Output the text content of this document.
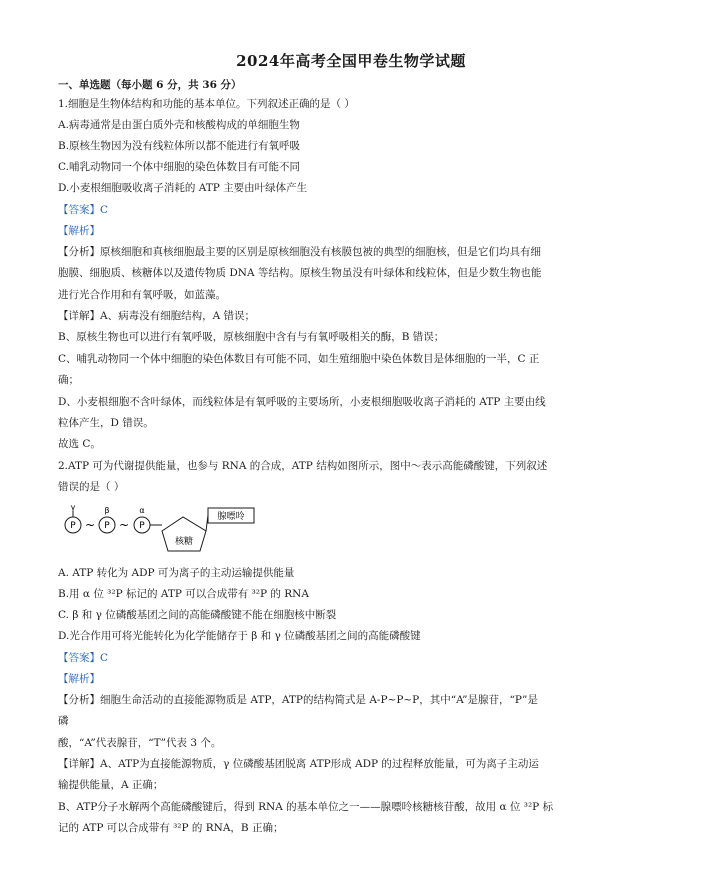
2024年高考全国甲卷生物学试题
一、单选题（每小题 6 分，共 36 分）
1.细胞是生物体结构和功能的基本单位。下列叙述正确的是（ ）
A.病毒通常是由蛋白质外壳和核酸构成的单细胞生物
B.原核生物因为没有线粒体所以都不能进行有氧呼吸
C.哺乳动物同一个体中细胞的染色体数目有可能不同
D.小麦根细胞吸收离子消耗的 ATP 主要由叶绿体产生
【答案】C
【解析】
【分析】原核细胞和真核细胞最主要的区别是原核细胞没有核膜包被的典型的细胞核，但是它们均具有细
胞膜、细胞质、核糖体以及遗传物质 DNA 等结构。原核生物虽没有叶绿体和线粒体，但是少数生物也能
进行光合作用和有氧呼吸，如蓝藻。
【详解】A、病毒没有细胞结构，A 错误；
B、原核生物也可以进行有氧呼吸，原核细胞中含有与有氧呼吸相关的酶，B 错误；
C、哺乳动物同一个体中细胞的染色体数目有可能不同，如生殖细胞中染色体数目是体细胞的一半，C 正
确；
D、小麦根细胞不含叶绿体，而线粒体是有氧呼吸的主要场所，小麦根细胞吸收离子消耗的 ATP 主要由线
粒体产生，D 错误。
故选 C。
2.ATP 可为代谢提供能量，也参与 RNA 的合成，ATP 结构如图所示，图中～表示高能磷酸键，下列叙述
错误的是（ ）
γ	β	α
P	P	P
~ ~
腺嘌呤
核糖
A. ATP 转化为 ADP 可为离子的主动运输提供能量
B.用 α 位 ³²P 标记的 ATP 可以合成带有 ³²P 的 RNA
C. β 和 γ 位磷酸基团之间的高能磷酸键不能在细胞核中断裂
D.光合作用可将光能转化为化学能储存于 β 和 γ 位磷酸基团之间的高能磷酸键
【答案】C
【解析】
【分析】细胞生命活动的直接能源物质是 ATP，ATP的结构简式是 A-P~P~P，其中“A”是腺苷，“P”是
磷
酸，“A”代表腺苷，“T”代表 3 个。
【详解】A、ATP为直接能源物质，γ 位磷酸基团脱离 ATP形成 ADP 的过程释放能量，可为离子主动运
输提供能量，A 正确；
B、ATP分子水解两个高能磷酸键后，得到 RNA 的基本单位之一——腺嘌呤核糖核苷酸，故用 α 位 ³²P 标
记的 ATP 可以合成带有 ³²P 的 RNA，B 正确；
